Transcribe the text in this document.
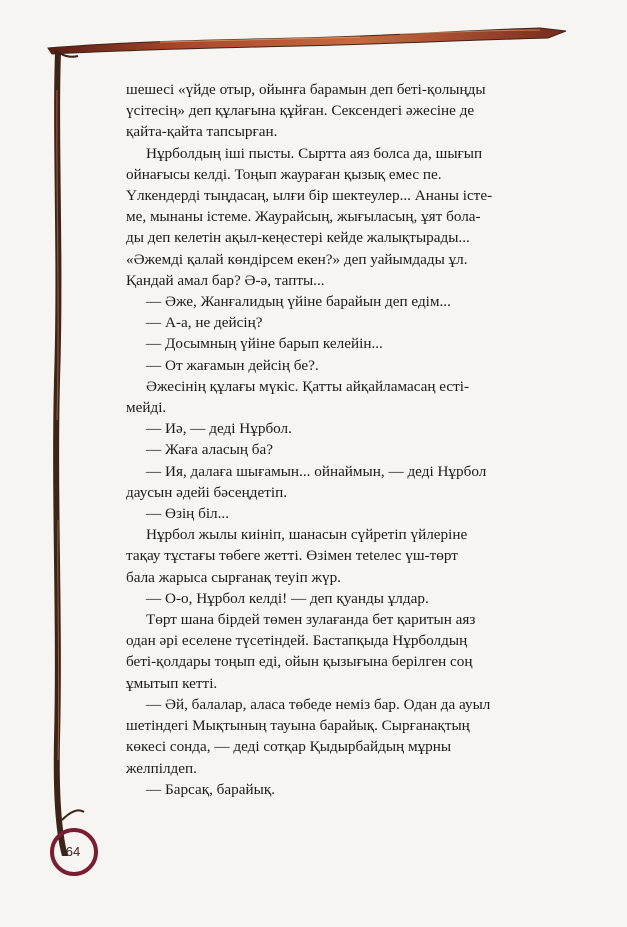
шешесі «үйде отыр, ойынға барамын деп беті-қолыңды

үсітесің» деп құлағына құйған. Сексендегі әжесіне де

қайта-қайта тапсырған.

Нұрболдың іші пысты. Сыртта аяз болса да, шығып

ойнағысы келді. Тоңып жаураған қызық емес пе.

Үлкендерді тыңдасаң, ылғи бір шектеулер... Ананы істе-

ме, мынаны істеме. Жаурайсың, жығыласың, ұят бола-

ды деп келетін ақыл-кеңестері кейде жалықтырады...

«Әжемді қалай көндірсем екен?» деп уайымдады ұл.

Қандай амал бар? Ә-ә, тапты...

— Әже, Жанғалидың үйіне барайын деп едім...

— А-а, не дейсің?

— Досымның үйіне барып келейін...

— От жағамын дейсің бе?.

Әжесінің құлағы мүкіс. Қатты айқайламасаң есті-

мейді.

— Иә, — деді Нұрбол.

— Жаға аласың ба?

— Ия, далаға шығамын... ойнаймын, — деді Нұрбол

даусын әдейі бәсеңдетіп.

— Өзің біл...

Нұрбол жылы киініп, шанасын сүйретіп үйлеріне

тақау тұстағы төбеге жетті. Өзімен теtелес үш-төрт

бала жарыса сырғанақ теуіп жүр.

— О-о, Нұрбол келді! — деп қуанды ұлдар.

Төрт шана бірдей төмен зулағанда бет қаритын аяз

одан әрі еселене түсетіндей. Бастапқыда Нұрболдың

беті-қолдары тоңып еді, ойын қызығына берілген соң

ұмытып кетті.

— Әй, балалар, аласа төбеде неміз бар. Одан да ауыл

шетіндегі Мықтының тауына барайық. Сырғанақтың

көкесі сонда, — деді сотқар Қыдырбайдың мұрны

желпілдеп.

— Барсақ, барайық.

64
